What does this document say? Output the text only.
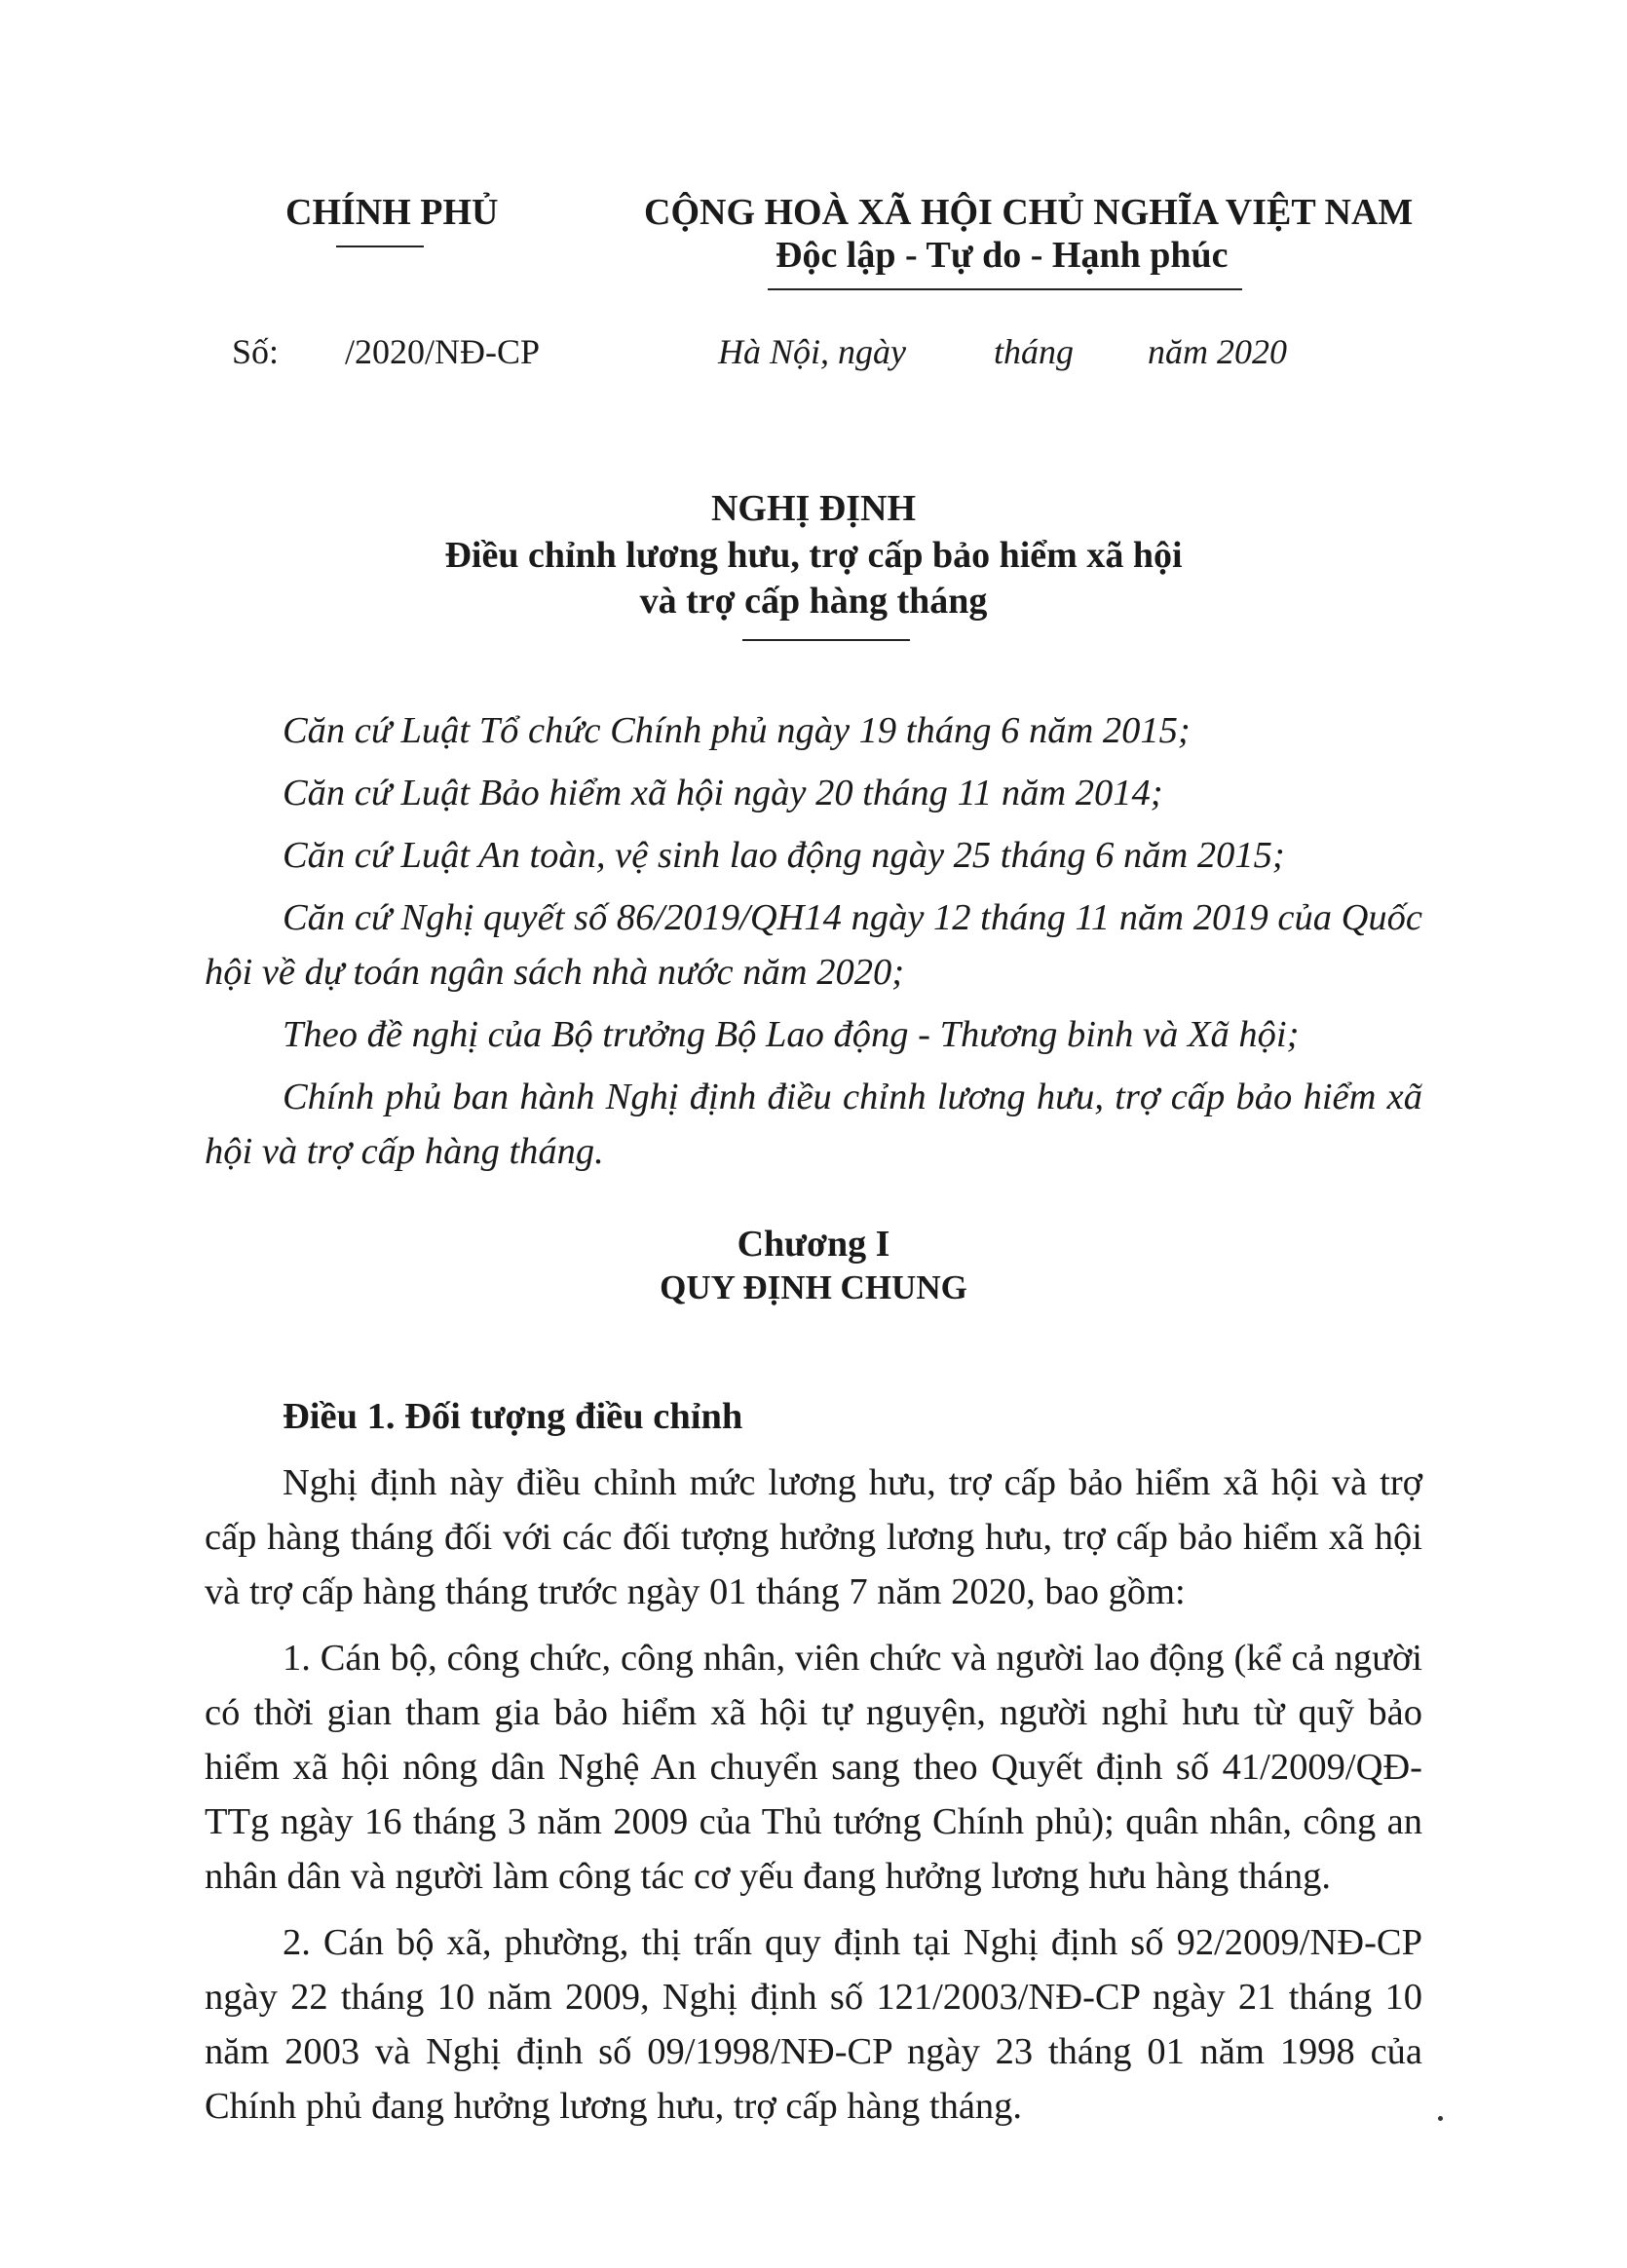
CHÍNH PHỦ	CỘNG HOÀ XÃ HỘI CHỦ NGHĨA VIỆT NAM
Độc lập - Tự do - Hạnh phúc
Số: /2020/NĐ-CP	Hà Nội, ngày	tháng năm 2020
NGHỊ ĐỊNH
Điều chỉnh lương hưu, trợ cấp bảo hiểm xã hội
và trợ cấp hàng tháng

Căn cứ Luật Tổ chức Chính phủ ngày 19 tháng 6 năm 2015;

Căn cứ Luật Bảo hiểm xã hội ngày 20 tháng 11 năm 2014;

Căn cứ Luật An toàn, vệ sinh lao động ngày 25 tháng 6 năm 2015;

Căn cứ Nghị quyết số 86/2019/QH14 ngày 12 tháng 11 năm 2019 của Quốc hội về dự toán ngân sách nhà nước năm 2020;

Theo đề nghị của Bộ trưởng Bộ Lao động - Thương binh và Xã hội;

Chính phủ ban hành Nghị định điều chỉnh lương hưu, trợ cấp bảo hiểm xã hội và trợ cấp hàng tháng.

Chương I
QUY ĐỊNH CHUNG
Điều 1. Đối tượng điều chỉnh

Nghị định này điều chỉnh mức lương hưu, trợ cấp bảo hiểm xã hội và trợ cấp hàng tháng đối với các đối tượng hưởng lương hưu, trợ cấp bảo hiểm xã hội và trợ cấp hàng tháng trước ngày 01 tháng 7 năm 2020, bao gồm:

1. Cán bộ, công chức, công nhân, viên chức và người lao động (kể cả người có thời gian tham gia bảo hiểm xã hội tự nguyện, người nghỉ hưu từ quỹ bảo hiểm xã hội nông dân Nghệ An chuyển sang theo Quyết định số 41/2009/QĐ-TTg ngày 16 tháng 3 năm 2009 của Thủ tướng Chính phủ); quân nhân, công an nhân dân và người làm công tác cơ yếu đang hưởng lương hưu hàng tháng.

2. Cán bộ xã, phường, thị trấn quy định tại Nghị định số 92/2009/NĐ-CP ngày 22 tháng 10 năm 2009, Nghị định số 121/2003/NĐ-CP ngày 21 tháng 10 năm 2003 và Nghị định số 09/1998/NĐ-CP ngày 23 tháng 01 năm 1998 của Chính phủ đang hưởng lương hưu, trợ cấp hàng tháng.
